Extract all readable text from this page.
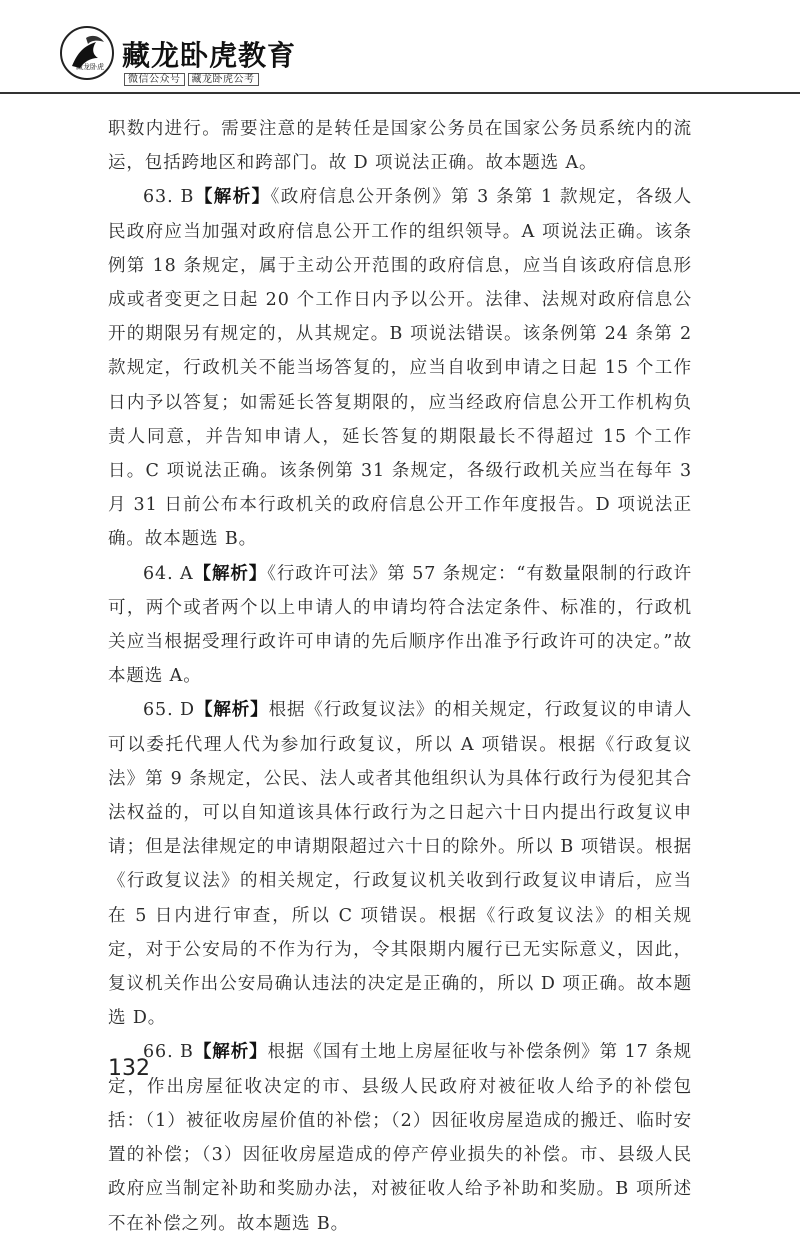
藏龙卧虎 藏龙卧虎教育
微信公众号 藏龙卧虎公考

职数内进行。需要注意的是转任是国家公务员在国家公务员系统内的流运，包括跨地区和跨部门。故 D 项说法正确。故本题选 A。

63. B【解析】《政府信息公开条例》第 3 条第 1 款规定，各级人民政府应当加强对政府信息公开工作的组织领导。A 项说法正确。该条例第 18 条规定，属于主动公开范围的政府信息，应当自该政府信息形成或者变更之日起 20 个工作日内予以公开。法律、法规对政府信息公开的期限另有规定的，从其规定。B 项说法错误。该条例第 24 条第 2 款规定，行政机关不能当场答复的，应当自收到申请之日起 15 个工作日内予以答复；如需延长答复期限的，应当经政府信息公开工作机构负责人同意，并告知申请人，延长答复的期限最长不得超过 15 个工作日。C 项说法正确。该条例第 31 条规定，各级行政机关应当在每年 3 月 31 日前公布本行政机关的政府信息公开工作年度报告。D 项说法正确。故本题选 B。

64. A【解析】《行政许可法》第 57 条规定：“有数量限制的行政许可，两个或者两个以上申请人的申请均符合法定条件、标准的，行政机关应当根据受理行政许可申请的先后顺序作出准予行政许可的决定。”故本题选 A。

65. D【解析】根据《行政复议法》的相关规定，行政复议的申请人可以委托代理人代为参加行政复议，所以 A 项错误。根据《行政复议法》第 9 条规定，公民、法人或者其他组织认为具体行政行为侵犯其合法权益的，可以自知道该具体行政行为之日起六十日内提出行政复议申请；但是法律规定的申请期限超过六十日的除外。所以 B 项错误。根据《行政复议法》的相关规定，行政复议机关收到行政复议申请后，应当在 5 日内进行审查，所以 C 项错误。根据《行政复议法》的相关规定，对于公安局的不作为行为，令其限期内履行已无实际意义，因此，复议机关作出公安局确认违法的决定是正确的，所以 D 项正确。故本题选 D。

66. B【解析】根据《国有土地上房屋征收与补偿条例》第 17 条规定，作出房屋征收决定的市、县级人民政府对被征收人给予的补偿包括：（1）被征收房屋价值的补偿；（2）因征收房屋造成的搬迁、临时安置的补偿；（3）因征收房屋造成的停产停业损失的补偿。市、县级人民政府应当制定补助和奖励办法，对被征收人给予补助和奖励。B 项所述不在补偿之列。故本题选 B。

132
